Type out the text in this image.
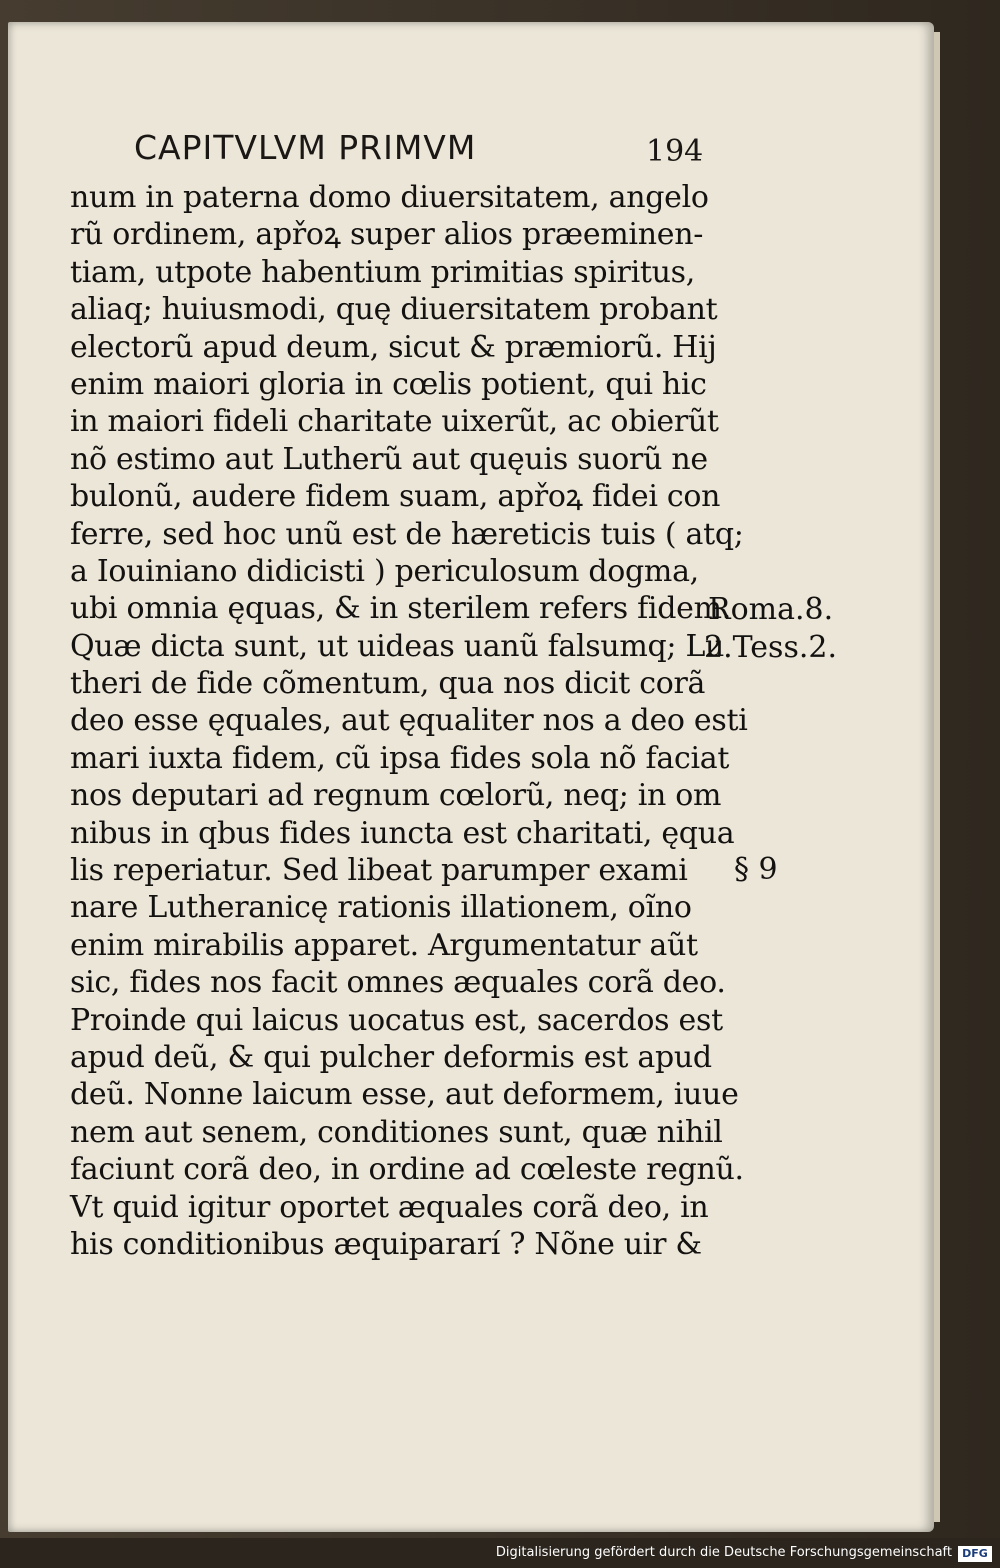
CAPITVLVM PRIMVM	194
num in paterna domo diuersitatem, angelo
rũ ordinem, apřoꝝ super alios præeminen-
tiam, utpote habentium primitias spiritus,
aliaq; huiusmodi, quę diuersitatem probant
electorũ apud deum, sicut & præmiorũ. Hij
enim maiori gloria in cœlis potient, qui hic
in maiori fideli charitate uixerũt, ac obierũt
nõ estimo aut Lutherũ aut quęuis suorũ ne
bulonũ, audere fidem suam, apřoꝝ fidei con
ferre, sed hoc unũ est de hæreticis tuis ( atq;
a Iouiniano didicisti ) periculosum dogma,
ubi omnia ęquas, & in sterilem refers fidem.
Quæ dicta sunt, ut uideas uanũ falsumq; Lu
theri de fide cõmentum, qua nos dicit corã
deo esse ęquales, aut ęqualiter nos a deo esti
mari iuxta fidem, cũ ipsa fides sola nõ faciat
nos deputari ad regnum cœlorũ, neq; in om
nibus in qbus fides iuncta est charitati, ęqua
lis reperiatur. Sed libeat parumper exami
nare Lutheranicę rationis illationem, oĩno
enim mirabilis apparet. Argumentatur aũt
sic, fides nos facit omnes æquales corã deo.
Proinde qui laicus uocatus est, sacerdos est
apud deũ, & qui pulcher deformis est apud
deũ. Nonne laicum esse, aut deformem, iuue
nem aut senem, conditiones sunt, quæ nihil
faciunt corã deo, in ordine ad cœleste regnũ.
Vt quid igitur oportet æquales corã deo, in
his conditionibus æquipararí ? Nõne uir &
Roma.8.
2.Tess.2.
§ 9
Digitalisierung gefördert durch die Deutsche Forschungsgemeinschaft DFG
